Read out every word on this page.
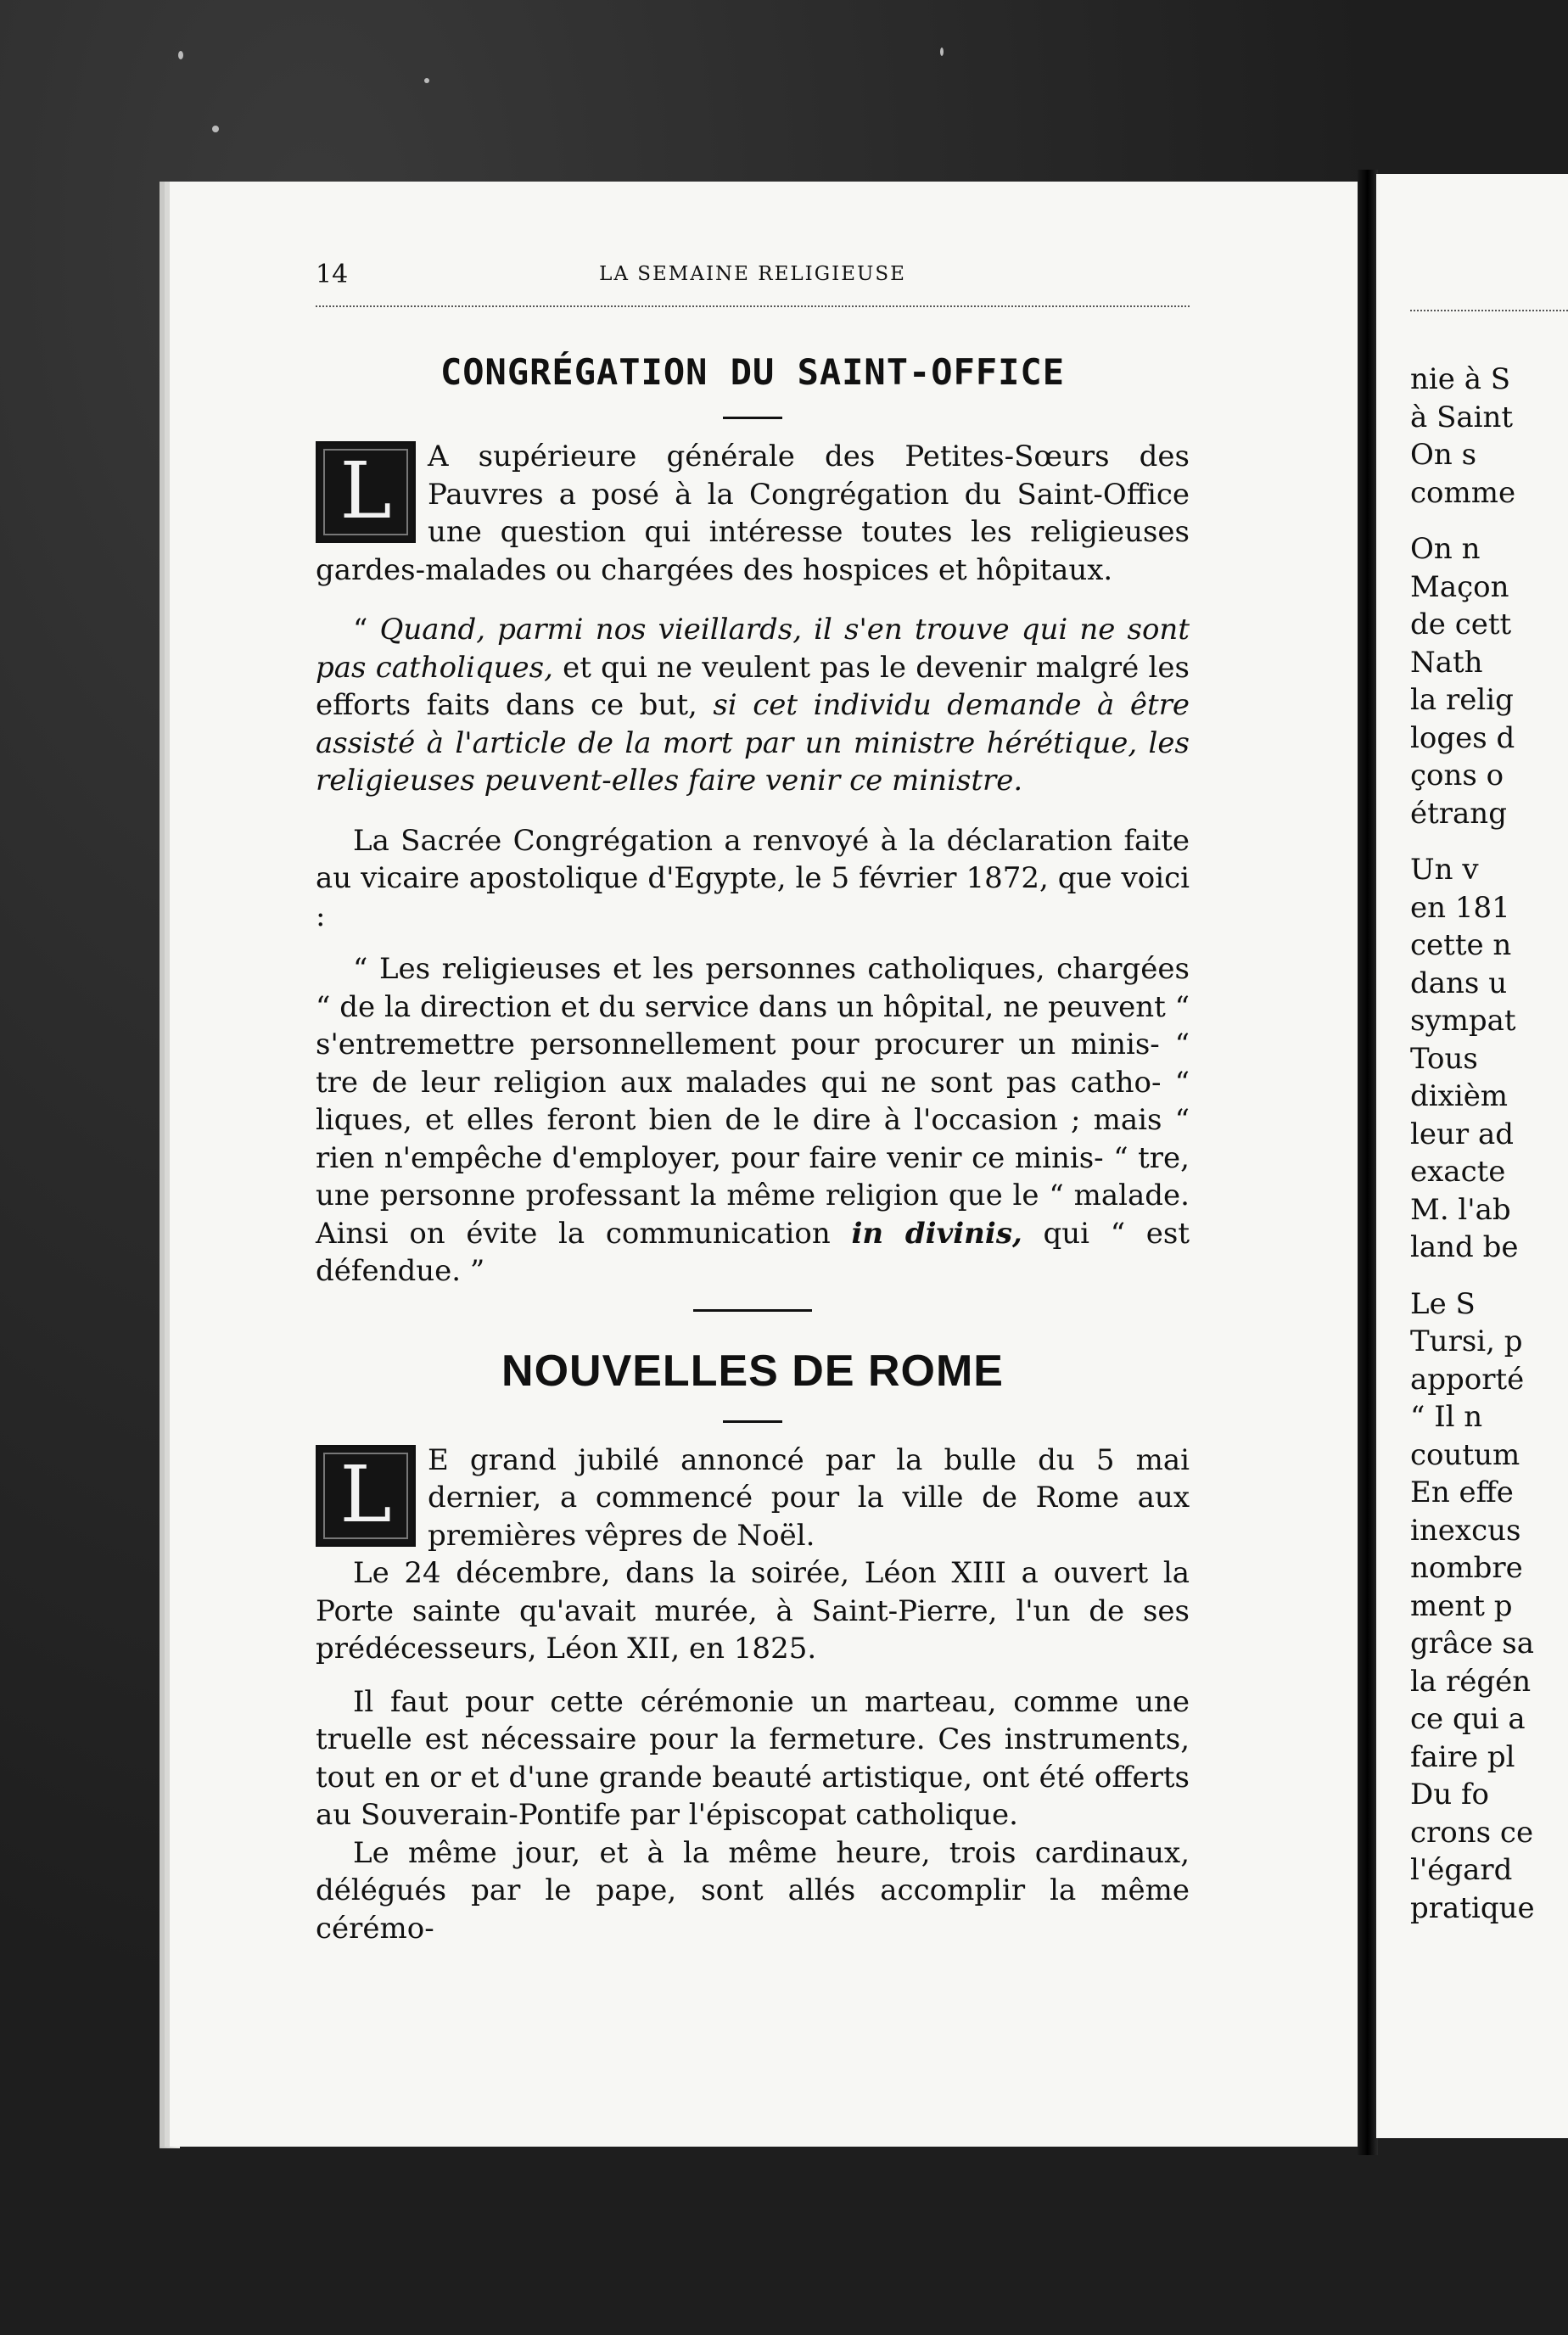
14	LA SEMAINE RELIGIEUSE
CONGRÉGATION DU SAINT-OFFICE

L	A supérieure générale des Petites-Sœurs des Pauvres a posé à la Congrégation du Saint-Office une question qui intéresse toutes les religieuses gardes-malades ou chargées des hospices et hôpitaux.

“ Quand, parmi nos vieillards, il s'en trouve qui ne sont pas catholiques, et qui ne veulent pas le devenir malgré les efforts faits dans ce but, si cet individu demande à être assisté à l'article de la mort par un ministre hérétique, les religieuses peuvent-elles faire venir ce ministre.

La Sacrée Congrégation a renvoyé à la déclaration faite au vicaire apostolique d'Egypte, le 5 février 1872, que voici :

“ Les religieuses et les personnes catholiques, chargées “ de la direction et du service dans un hôpital, ne peuvent “ s'entremettre personnellement pour procurer un minis- “ tre de leur religion aux malades qui ne sont pas catho- “ liques, et elles feront bien de le dire à l'occasion ; mais “ rien n'empêche d'employer, pour faire venir ce minis- “ tre, une personne professant la même religion que le “ malade. Ainsi on évite la communication in divinis, qui “ est défendue. ”

NOUVELLES DE ROME

L	E grand jubilé annoncé par la bulle du 5 mai dernier, a commencé pour la ville de Rome aux premières vêpres de Noël.

Le 24 décembre, dans la soirée, Léon XIII a ouvert la Porte sainte qu'avait murée, à Saint-Pierre, l'un de ses prédécesseurs, Léon XII, en 1825.

Il faut pour cette cérémonie un marteau, comme une truelle est nécessaire pour la fermeture. Ces instruments, tout en or et d'une grande beauté artistique, ont été offerts au Souverain-Pontife par l'épiscopat catholique.

Le même jour, et à la même heure, trois cardinaux, délégués par le pape, sont allés accomplir la même cérémo-

nie à S
à Saint
On s
comme
On n
Maçon
de cett
Nath
la relig
loges d
çons o
étrang
Un v
en 181
cette n
dans u
sympat
Tous
dixièm
leur ad
exacte
M. l'ab
land be
Le S
Tursi, p
apporté
“ Il n
coutum
En effe
inexcus
nombre
ment p
grâce sa
la régén
ce qui a
faire pl
Du fo
crons ce
l'égard
pratique
